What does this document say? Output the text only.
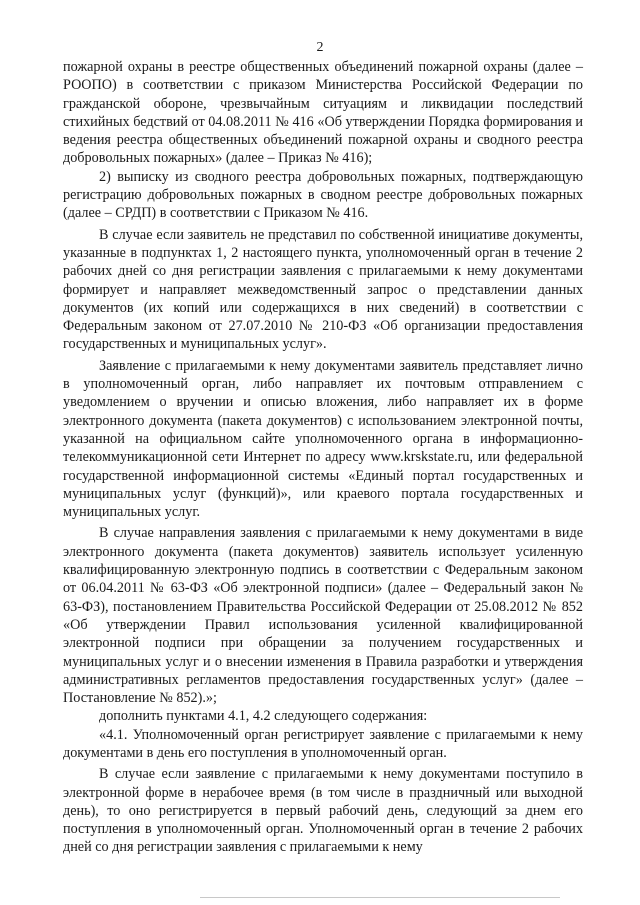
2

пожарной охраны в реестре общественных объединений пожарной охраны (далее – РООПО) в соответствии с приказом Министерства Российской Федерации по гражданской обороне, чрезвычайным ситуациям и ликвидации последствий стихийных бедствий от 04.08.2011 № 416 «Об утверждении Порядка формирования и ведения реестра общественных объединений пожарной охраны и сводного реестра добровольных пожарных» (далее – Приказ № 416);

2) выписку из сводного реестра добровольных пожарных, подтверждающую регистрацию добровольных пожарных в сводном реестре добровольных пожарных (далее – СРДП) в соответствии с Приказом № 416.

В случае если заявитель не представил по собственной инициативе документы, указанные в подпунктах 1, 2 настоящего пункта, уполномоченный орган в течение 2 рабочих дней со дня регистрации заявления с прилагаемыми к нему документами формирует и направляет межведомственный запрос о представлении данных документов (их копий или содержащихся в них сведений) в соответствии с Федеральным законом от 27.07.2010 № 210-ФЗ «Об организации предоставления государственных и муниципальных услуг».

Заявление с прилагаемыми к нему документами заявитель представляет лично в уполномоченный орган, либо направляет их почтовым отправлением с уведомлением о вручении и описью вложения, либо направляет их в форме электронного документа (пакета документов) с использованием электронной почты, указанной на официальном сайте уполномоченного органа в информационно-телекоммуникационной сети Интернет по адресу www.krskstate.ru, или федеральной государственной информационной системы «Единый портал государственных и муниципальных услуг (функций)», или краевого портала государственных и муниципальных услуг.

В случае направления заявления с прилагаемыми к нему документами в виде электронного документа (пакета документов) заявитель использует усиленную квалифицированную электронную подпись в соответствии с Федеральным законом от 06.04.2011 № 63-ФЗ «Об электронной подписи» (далее – Федеральный закон № 63-ФЗ), постановлением Правительства Российской Федерации от 25.08.2012 № 852 «Об утверждении Правил использования усиленной квалифицированной электронной подписи при обращении за получением государственных и муниципальных услуг и о внесении изменения в Правила разработки и утверждения административных регламентов предоставления государственных услуг» (далее – Постановление № 852).»;

дополнить пунктами 4.1, 4.2 следующего содержания:

«4.1. Уполномоченный орган регистрирует заявление с прилагаемыми к нему документами в день его поступления в уполномоченный орган.

В случае если заявление с прилагаемыми к нему документами поступило в электронной форме в нерабочее время (в том числе в праздничный или выходной день), то оно регистрируется в первый рабочий день, следующий за днем его поступления в уполномоченный орган. Уполномоченный орган в течение 2 рабочих дней со дня регистрации заявления с прилагаемыми к нему
